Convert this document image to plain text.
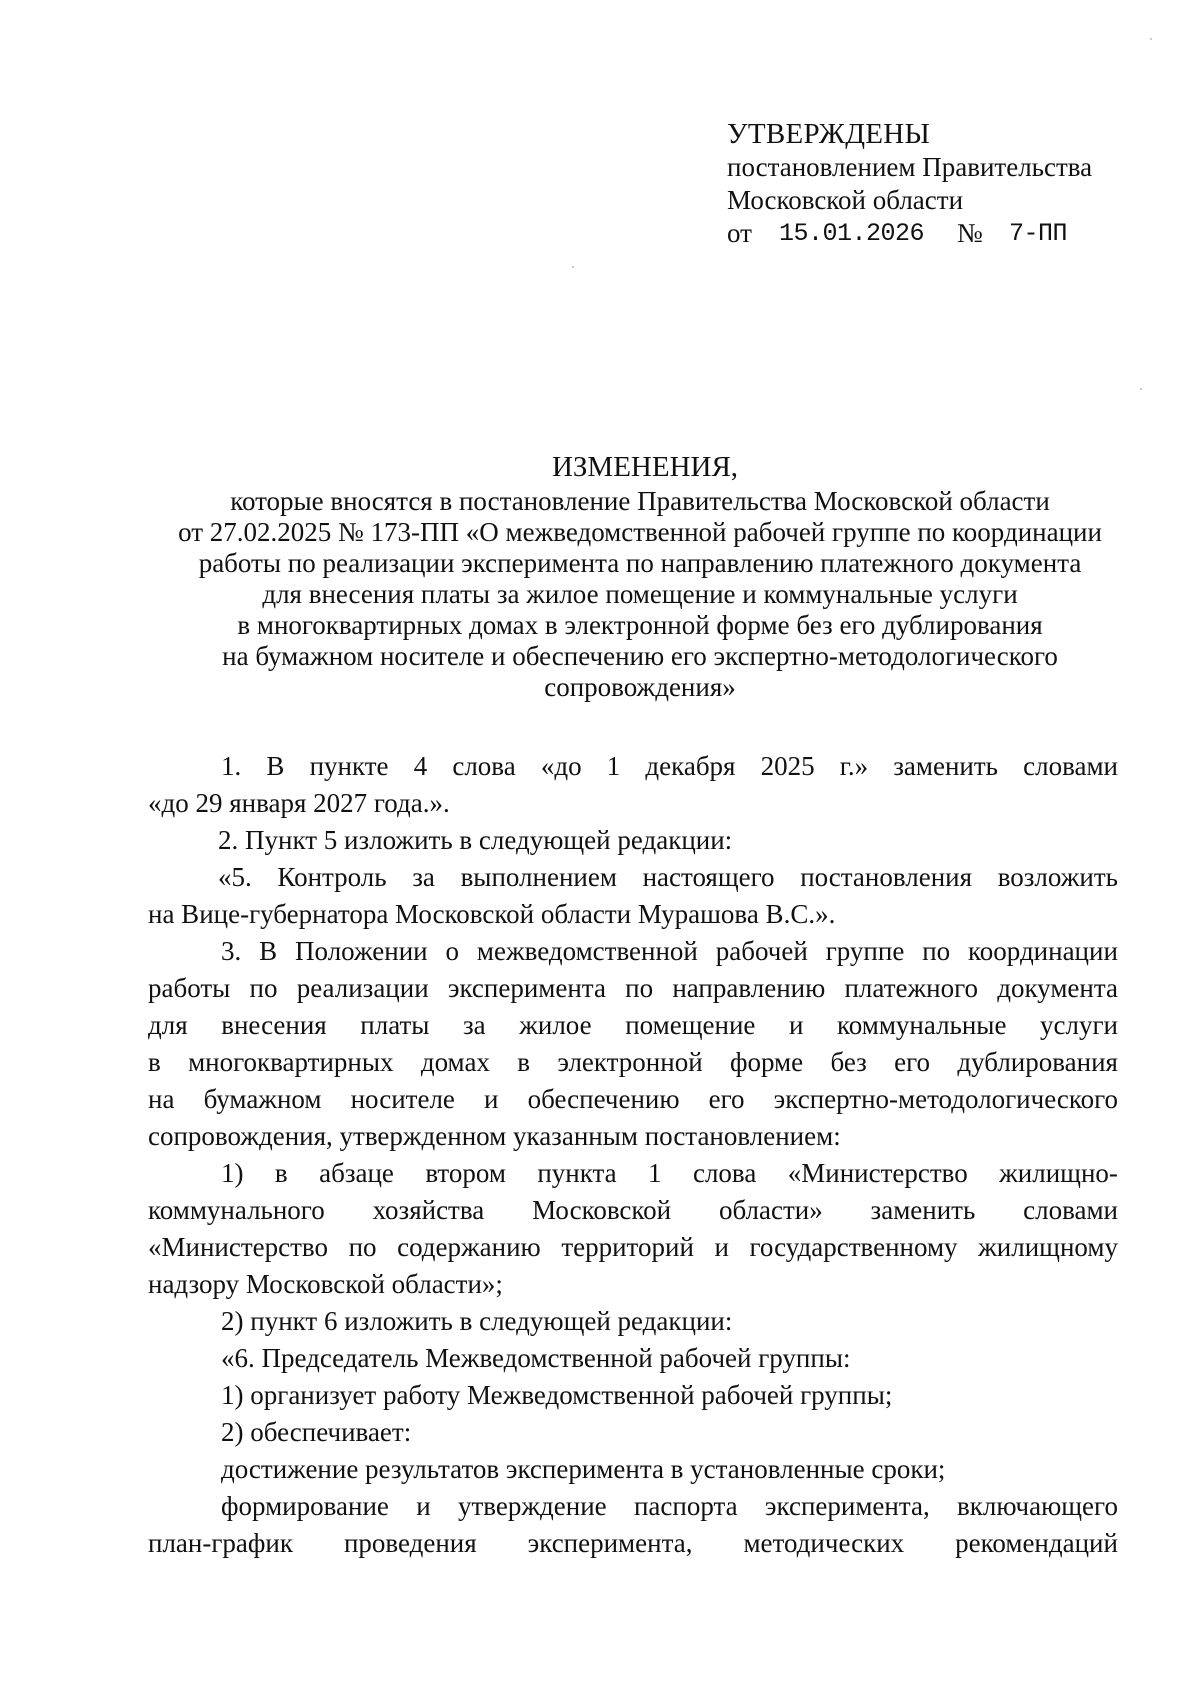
УТВЕРЖДЕНЫ
постановлением Правительства
Московской области
от	15.01.2026	№	7-ПП
ИЗМЕНЕНИЯ,
которые вносятся в постановление Правительства Московской области
от 27.02.2025 № 173-ПП «О межведомственной рабочей группе по координации
работы по реализации эксперимента по направлению платежного документа
для внесения платы за жилое помещение и коммунальные услуги
в многоквартирных домах в электронной форме без его дублирования
на бумажном носителе и обеспечению его экспертно-методологического
сопровождения»
1. В пункте 4 слова «до 1 декабря 2025 г.» заменить словами
«до 29 января 2027 года.».
2. Пункт 5 изложить в следующей редакции:
«5. Контроль за выполнением настоящего постановления возложить
на Вице-губернатора Московской области Мурашова В.С.».
3. В Положении о межведомственной рабочей группе по координации
работы по реализации эксперимента по направлению платежного документа
для внесения платы за жилое помещение и коммунальные услуги
в многоквартирных домах в электронной форме без его дублирования
на бумажном носителе и обеспечению его экспертно-методологического
сопровождения, утвержденном указанным постановлением:
1) в абзаце втором пункта 1 слова «Министерство жилищно-
коммунального хозяйства Московской области» заменить словами
«Министерство по содержанию территорий и государственному жилищному
надзору Московской области»;
2) пункт 6 изложить в следующей редакции:
«6. Председатель Межведомственной рабочей группы:
1) организует работу Межведомственной рабочей группы;
2) обеспечивает:
достижение результатов эксперимента в установленные сроки;
формирование и утверждение паспорта эксперимента, включающего
план-график проведения эксперимента, методических рекомендаций
